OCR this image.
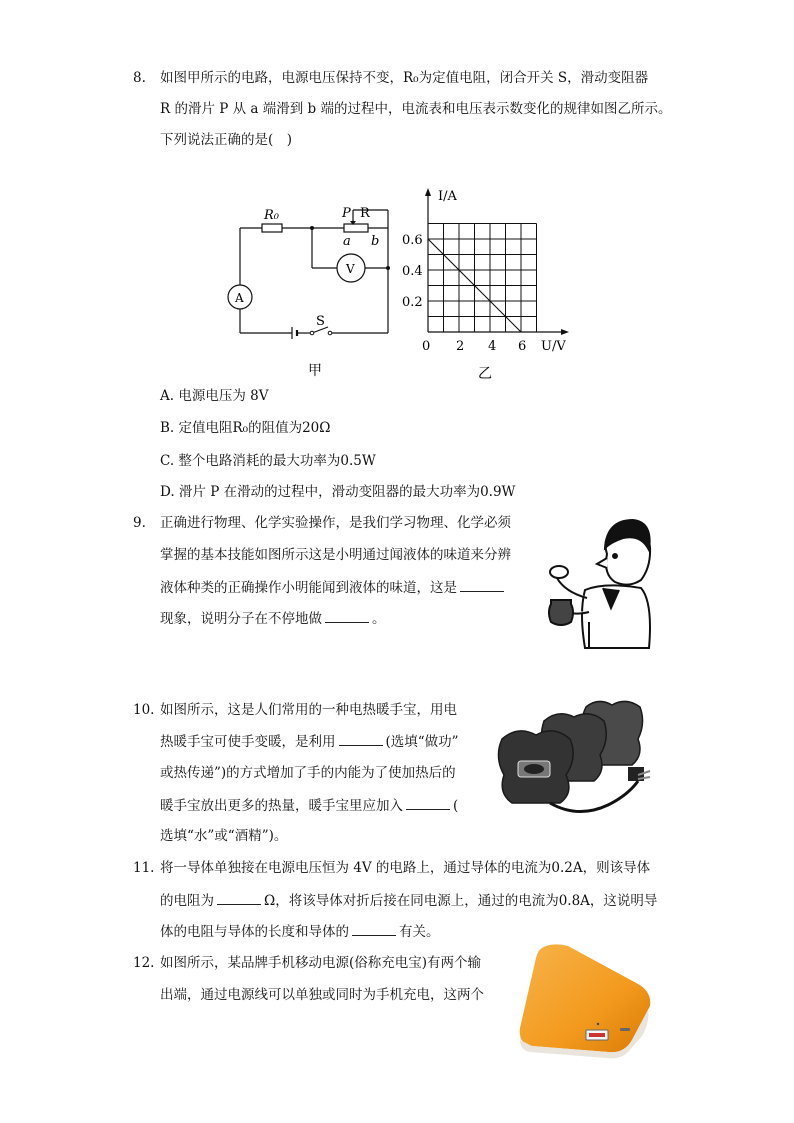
8. 如图甲所示的电路，电源电压保持不变，R₀为定值电阻，闭合开关 S，滑动变阻器
R 的滑片 P 从 a 端滑到 b 端的过程中，电流表和电压表示数变化的规律如图乙所示。
下列说法正确的是(　)
R₀	P R
a b
V
A
S
甲
I/A
U/V
0.6
0.4
0.2
0 2 4 6
乙
A. 电源电压为 8V
B. 定值电阻R₀的阻值为20Ω
C. 整个电路消耗的最大功率为0.5W
D. 滑片 P 在滑动的过程中，滑动变阻器的最大功率为0.9W
9. 正确进行物理、化学实验操作，是我们学习物理、化学必须
掌握的基本技能如图所示这是小明通过闻液体的味道来分辨
液体种类的正确操作小明能闻到液体的味道，这是
现象，说明分子在不停地做	。
10. 如图所示，这是人们常用的一种电热暖手宝，用电
热暖手宝可使手变暖，是利用	(选填“做功”
或热传递”)的方式增加了手的内能为了使加热后的
暖手宝放出更多的热量，暖手宝里应加入	(
选填“水”或“酒精”)。
11. 将一导体单独接在电源电压恒为 4V 的电路上，通过导体的电流为0.2A，则该导体
的电阻为	Ω，将该导体对折后接在同电源上，通过的电流为0.8A，这说明导
体的电阻与导体的长度和导体的	有关。
12. 如图所示，某品牌手机移动电源(俗称充电宝)有两个输
出端，通过电源线可以单独或同时为手机充电，这两个
